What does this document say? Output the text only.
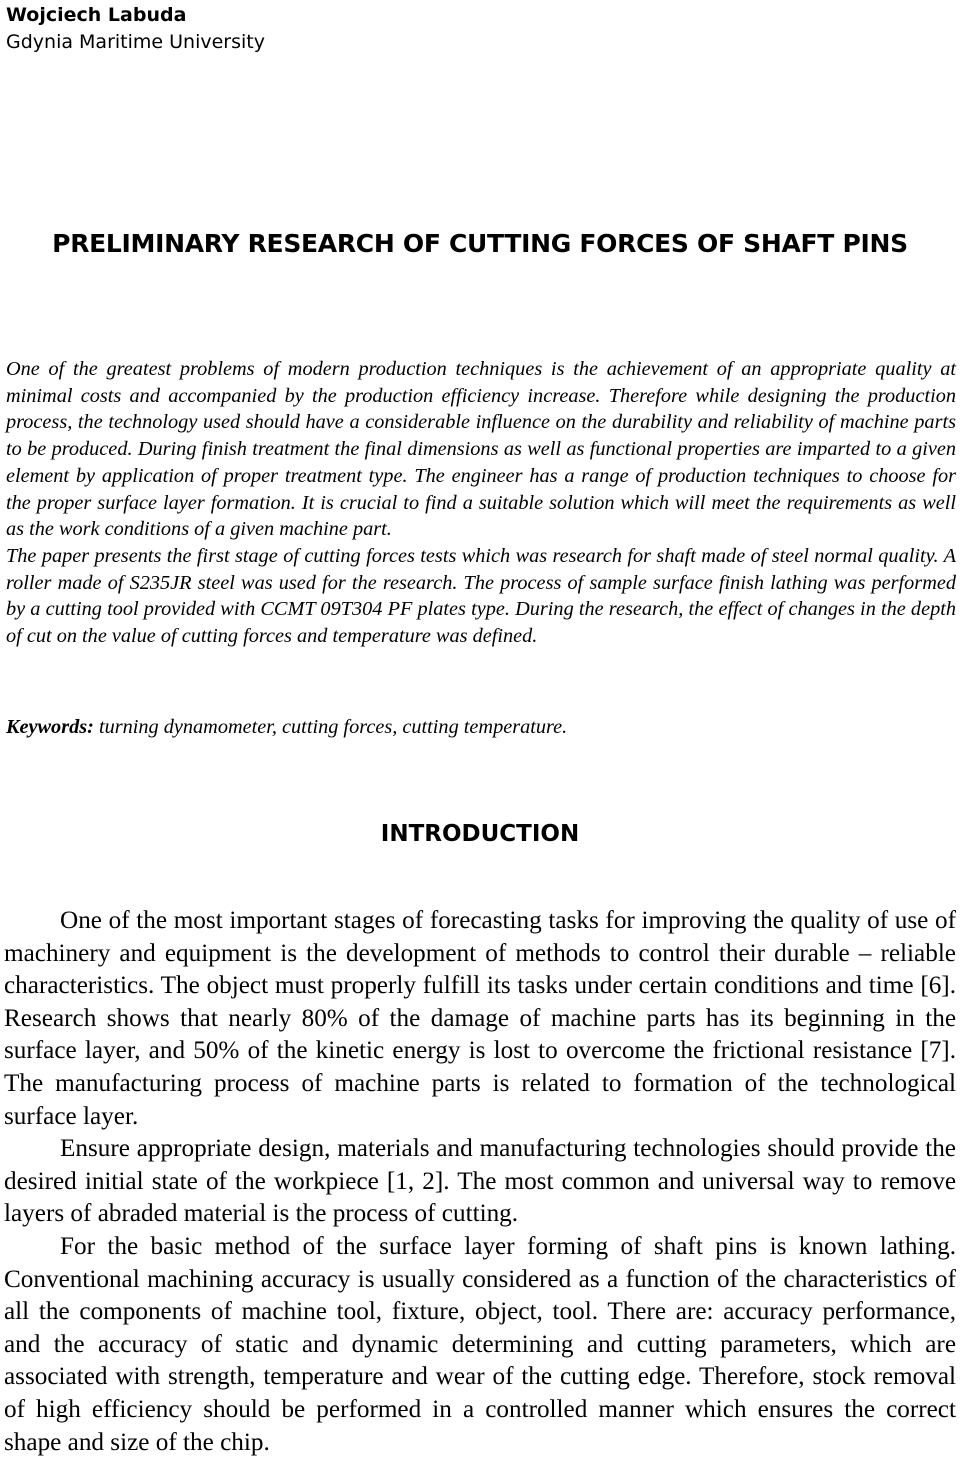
Wojciech Labuda
Gdynia Maritime University
PRELIMINARY RESEARCH OF CUTTING FORCES OF SHAFT PINS

One of the greatest problems of modern production techniques is the achievement of an appropriate quality at minimal costs and accompanied by the production efficiency increase. Therefore while designing the production process, the technology used should have a considerable influence on the durability and reliability of machine parts to be produced. During finish treatment the final dimensions as well as functional properties are imparted to a given element by application of proper treatment type. The engineer has a range of production techniques to choose for the proper surface layer formation. It is crucial to find a suitable solution which will meet the requirements as well as the work conditions of a given machine part.

The paper presents the first stage of cutting forces tests which was research for shaft made of steel normal quality. A roller made of S235JR steel was used for the research. The process of sample surface finish lathing was performed by a cutting tool provided with CCMT 09T304 PF plates type. During the research, the effect of changes in the depth of cut on the value of cutting forces and temperature was defined.

Keywords: turning dynamometer, cutting forces, cutting temperature.
INTRODUCTION

One of the most important stages of forecasting tasks for improving the quality of use of machinery and equipment is the development of methods to control their durable – reliable characteristics. The object must properly fulfill its tasks under certain conditions and time [6]. Research shows that nearly 80% of the damage of machine parts has its beginning in the surface layer, and 50% of the kinetic energy is lost to overcome the frictional resistance [7]. The manufacturing process of machine parts is related to formation of the technological surface layer.

Ensure appropriate design, materials and manufacturing technologies should provide the desired initial state of the workpiece [1, 2]. The most common and universal way to remove layers of abraded material is the process of cutting.

For the basic method of the surface layer forming of shaft pins is known lathing. Conventional machining accuracy is usually considered as a function of the characteristics of all the components of machine tool, fixture, object, tool. There are: accuracy performance, and the accuracy of static and dynamic determining and cutting parameters, which are associated with strength, temperature and wear of the cutting edge. Therefore, stock removal of high efficiency should be performed in a controlled manner which ensures the correct shape and size of the chip.
